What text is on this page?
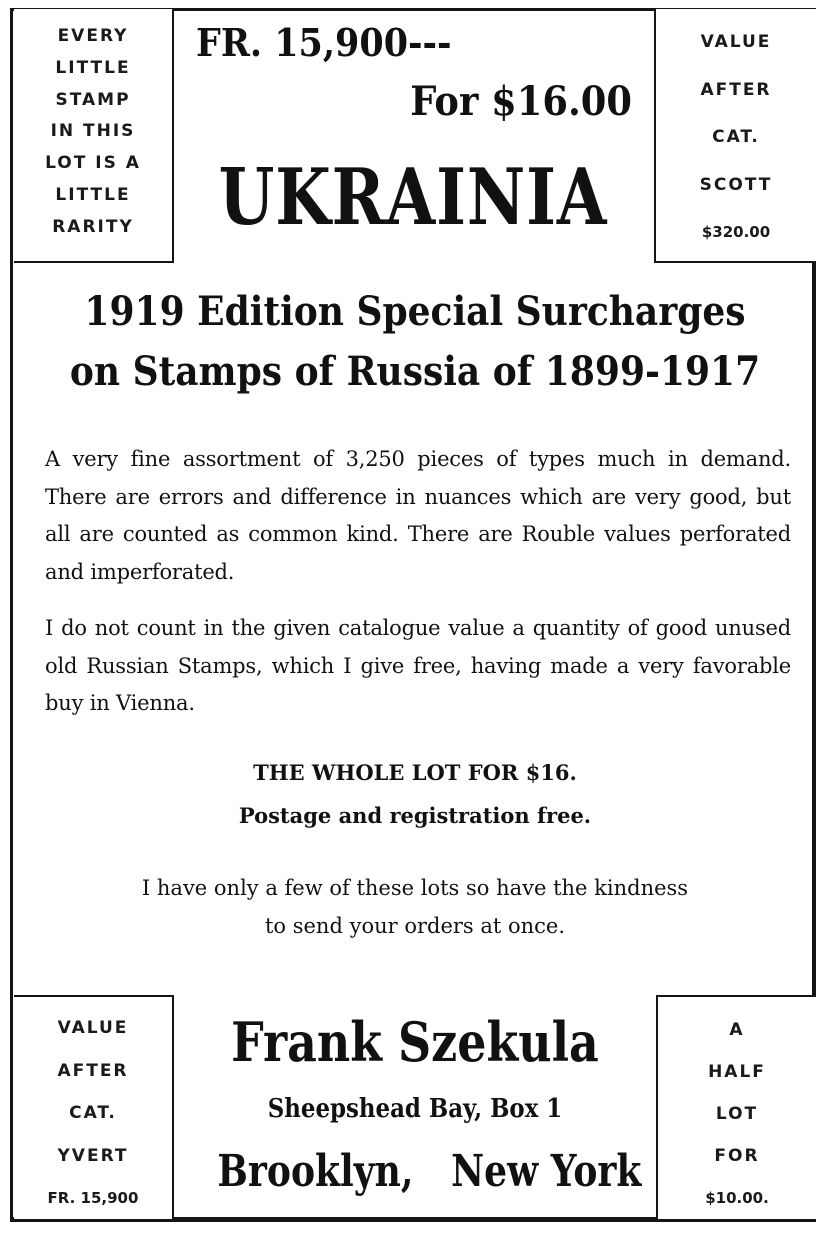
EVERY
LITTLE
STAMP
IN THIS
LOT IS A
LITTLE
RARITY
VALUE
AFTER
CAT.
SCOTT
$320.00
FR. 15,900---
For $16.00
UKRAINIA
1919 Edition Special Surcharges
on Stamps of Russia of 1899-1917

A very fine assortment of 3,250 pieces of types much in demand. There are errors and difference in nuances which are very good, but all are counted as common kind. There are Rouble values perforated and imperforated.

I do not count in the given catalogue value a quantity of good unused old Russian Stamps, which I give free, having made a very favorable buy in Vienna.

THE WHOLE LOT FOR $16.
Postage and registration free.
I have only a few of these lots so have the kindness
to send your orders at once.
VALUE
AFTER
CAT.
YVERT
FR. 15,900
A
HALF
LOT
FOR
$10.00.
Frank Szekula
Sheepshead Bay, Box 1
Brooklyn,   New York
